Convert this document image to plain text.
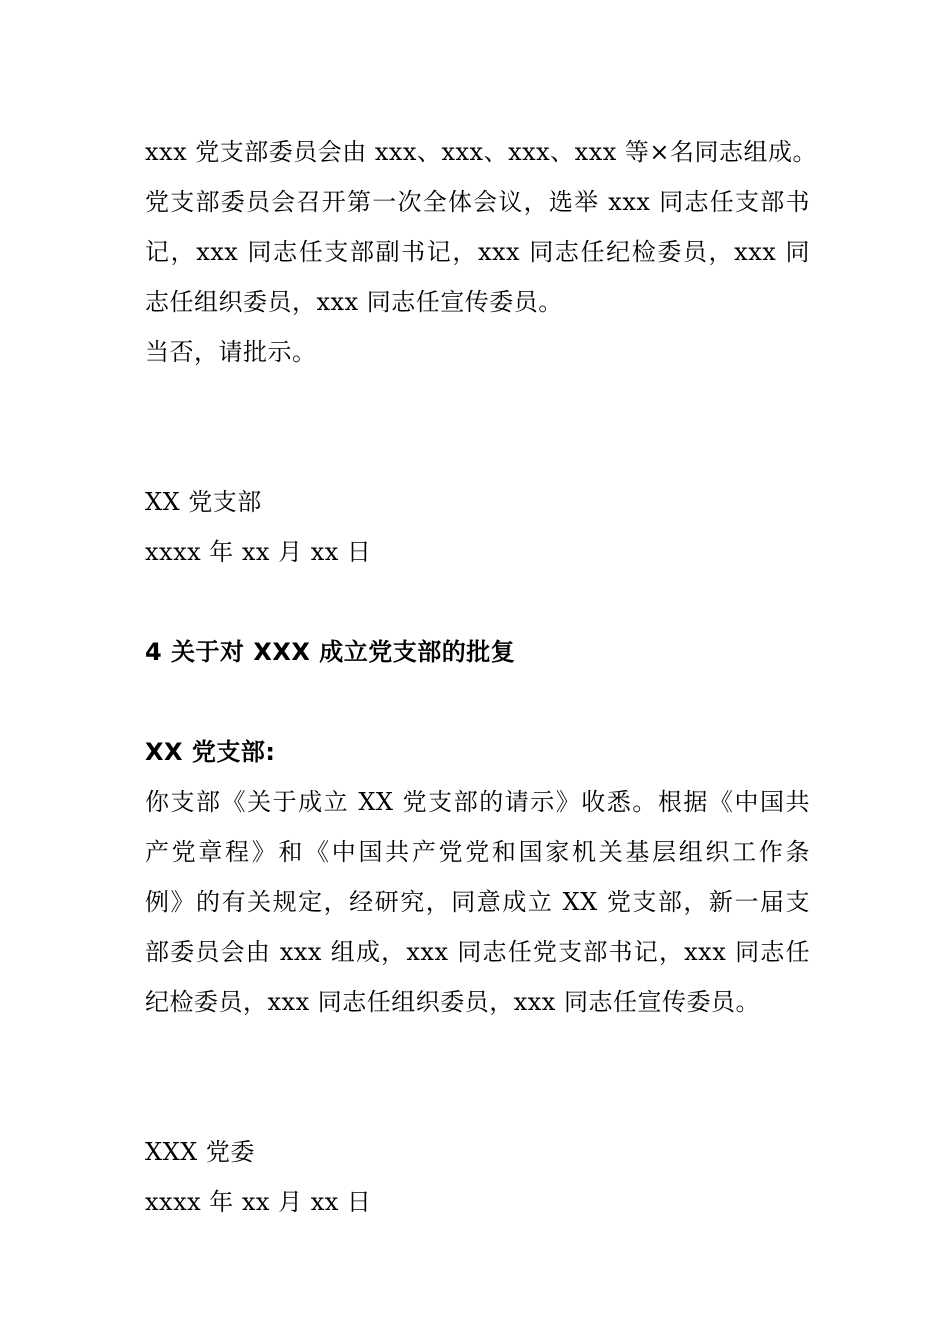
xxx 党支部委员会由 xxx、xxx、xxx、xxx 等×名同志组成。
党支部委员会召开第一次全体会议，选举 xxx 同志任支部书
记，xxx 同志任支部副书记，xxx 同志任纪检委员，xxx 同
志任组织委员，xxx 同志任宣传委员。
当否，请批示。
XX 党支部
xxxx 年 xx 月 xx 日
4 关于对 XXX 成立党支部的批复
XX 党支部:
你支部《关于成立 XX 党支部的请示》收悉。根据《中国共
产党章程》和《中国共产党党和国家机关基层组织工作条
例》的有关规定，经研究，同意成立 XX 党支部，新一届支
部委员会由 xxx 组成，xxx 同志任党支部书记，xxx 同志任
纪检委员，xxx 同志任组织委员，xxx 同志任宣传委员。
XXX 党委
xxxx 年 xx 月 xx 日
